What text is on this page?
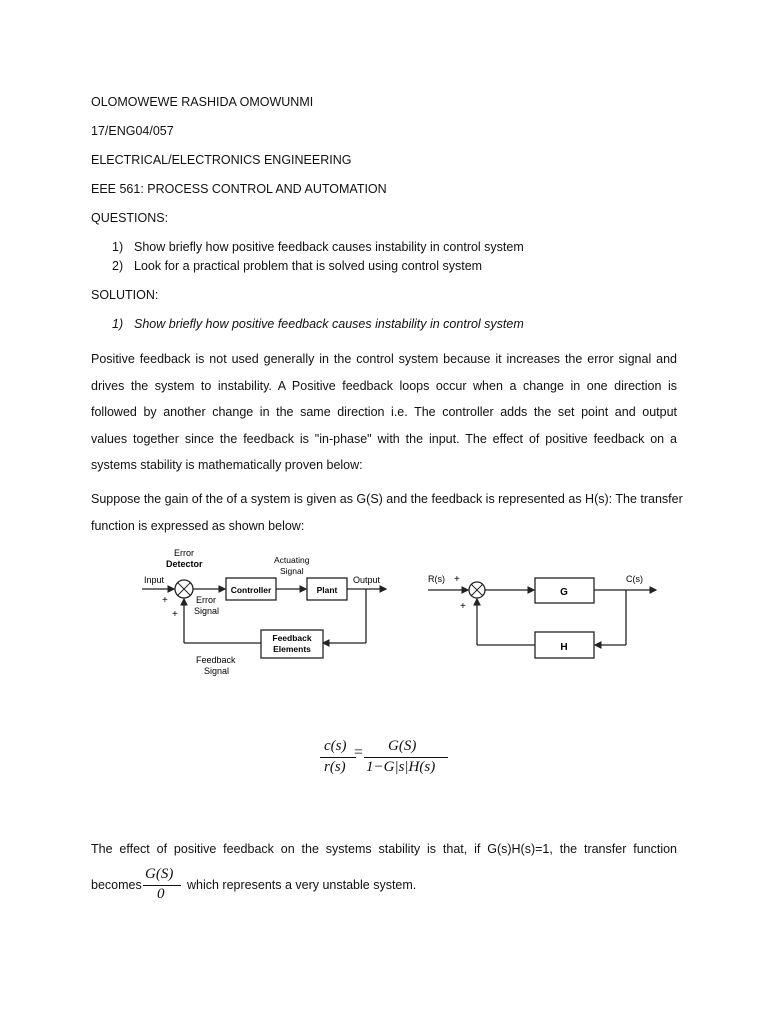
OLOMOWEWE RASHIDA OMOWUNMI
17/ENG04/057
ELECTRICAL/ELECTRONICS ENGINEERING
EEE 561: PROCESS CONTROL AND AUTOMATION
QUESTIONS:
1) Show briefly how positive feedback causes instability in control system
2) Look for a practical problem that is solved using control system
SOLUTION:
1) Show briefly how positive feedback causes instability in control system
Positive feedback is not used generally in the control system because it increases the error signal and
drives the system to instability. A Positive feedback loops occur when a change in one direction is
followed by another change in the same direction i.e. The controller adds the set point and output
values together since the feedback is "in-phase" with the input. The effect of positive feedback on a
systems stability is mathematically proven below:
Suppose the gain of the of a system is given as G(S) and the feedback is represented as H(s): The transfer
function is expressed as shown below:
Error
Detector
Input
+
+
Error
Signal
Controller
Actuating
Signal
Plant
Output
Feedback
Elements
Feedback
Signal
R(s) +
+
G
C(s)
H
c(s)
r(s)
= G(S)
1−G|s|H(s)
The effect of positive feedback on the systems stability is that, if G(s)H(s)=1, the transfer function
becomes
G(S)
0
which represents a very unstable system.
